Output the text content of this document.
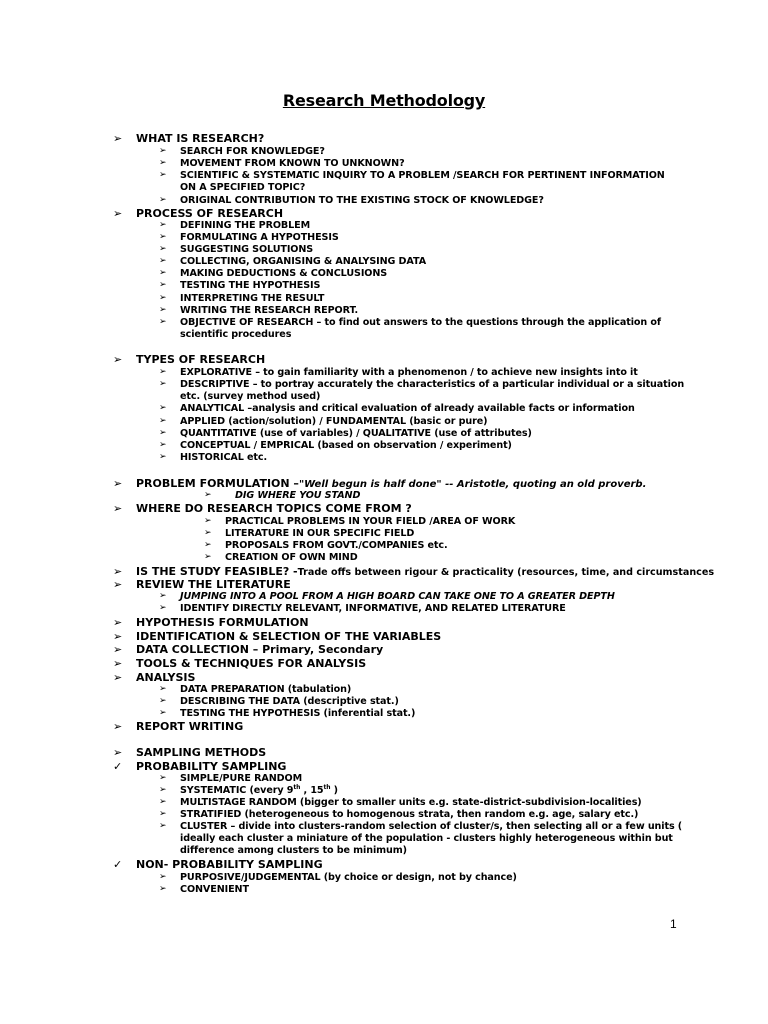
Research Methodology
➢ WHAT IS RESEARCH?
➢ SEARCH FOR KNOWLEDGE?
➢ MOVEMENT FROM KNOWN TO UNKNOWN?
➢ SCIENTIFIC & SYSTEMATIC INQUIRY TO A PROBLEM /SEARCH FOR PERTINENT INFORMATION
ON A SPECIFIED TOPIC?
➢ ORIGINAL CONTRIBUTION TO THE EXISTING STOCK OF KNOWLEDGE?
➢ PROCESS OF RESEARCH
➢ DEFINING THE PROBLEM
➢ FORMULATING A HYPOTHESIS
➢ SUGGESTING SOLUTIONS
➢ COLLECTING, ORGANISING & ANALYSING DATA
➢ MAKING DEDUCTIONS & CONCLUSIONS
➢ TESTING THE HYPOTHESIS
➢ INTERPRETING THE RESULT
➢ WRITING THE RESEARCH REPORT.
➢ OBJECTIVE OF RESEARCH – to find out answers to the questions through the application of
scientific procedures
➢ TYPES OF RESEARCH
➢ EXPLORATIVE – to gain familiarity with a phenomenon / to achieve new insights into it
➢ DESCRIPTIVE – to portray accurately the characteristics of a particular individual or a situation
etc. (survey method used)
➢ ANALYTICAL –analysis and critical evaluation of already available facts or information
➢ APPLIED (action/solution) / FUNDAMENTAL (basic or pure)
➢ QUANTITATIVE (use of variables) / QUALITATIVE (use of attributes)
➢ CONCEPTUAL / EMPRICAL (based on observation / experiment)
➢ HISTORICAL etc.
➢ PROBLEM FORMULATION –"Well begun is half done" -- Aristotle, quoting an old proverb.
➢ DIG WHERE YOU STAND
➢ WHERE DO RESEARCH TOPICS COME FROM ?
➢ PRACTICAL PROBLEMS IN YOUR FIELD /AREA OF WORK
➢ LITERATURE IN OUR SPECIFIC FIELD
➢ PROPOSALS FROM GOVT./COMPANIES etc.
➢ CREATION OF OWN MIND
➢ IS THE STUDY FEASIBLE? -Trade offs between rigour & practicality (resources, time, and circumstances
➢ REVIEW THE LITERATURE
➢ JUMPING INTO A POOL FROM A HIGH BOARD CAN TAKE ONE TO A GREATER DEPTH
➢ IDENTIFY DIRECTLY RELEVANT, INFORMATIVE, AND RELATED LITERATURE
➢ HYPOTHESIS FORMULATION
➢ IDENTIFICATION & SELECTION OF THE VARIABLES
➢ DATA COLLECTION – Primary, Secondary
➢ TOOLS & TECHNIQUES FOR ANALYSIS
➢ ANALYSIS
➢ DATA PREPARATION (tabulation)
➢ DESCRIBING THE DATA (descriptive stat.)
➢ TESTING THE HYPOTHESIS (inferential stat.)
➢ REPORT WRITING
➢ SAMPLING METHODS
✓ PROBABILITY SAMPLING
➢ SIMPLE/PURE RANDOM
➢ SYSTEMATIC (every 9th , 15th )
➢ MULTISTAGE RANDOM (bigger to smaller units e.g. state-district-subdivision-localities)
➢ STRATIFIED (heterogeneous to homogenous strata, then random e.g. age, salary etc.)
➢ CLUSTER – divide into clusters-random selection of cluster/s, then selecting all or a few units (
ideally each cluster a miniature of the population - clusters highly heterogeneous within but
difference among clusters to be minimum)
✓ NON- PROBABILITY SAMPLING
➢ PURPOSIVE/JUDGEMENTAL (by choice or design, not by chance)
➢ CONVENIENT
1
